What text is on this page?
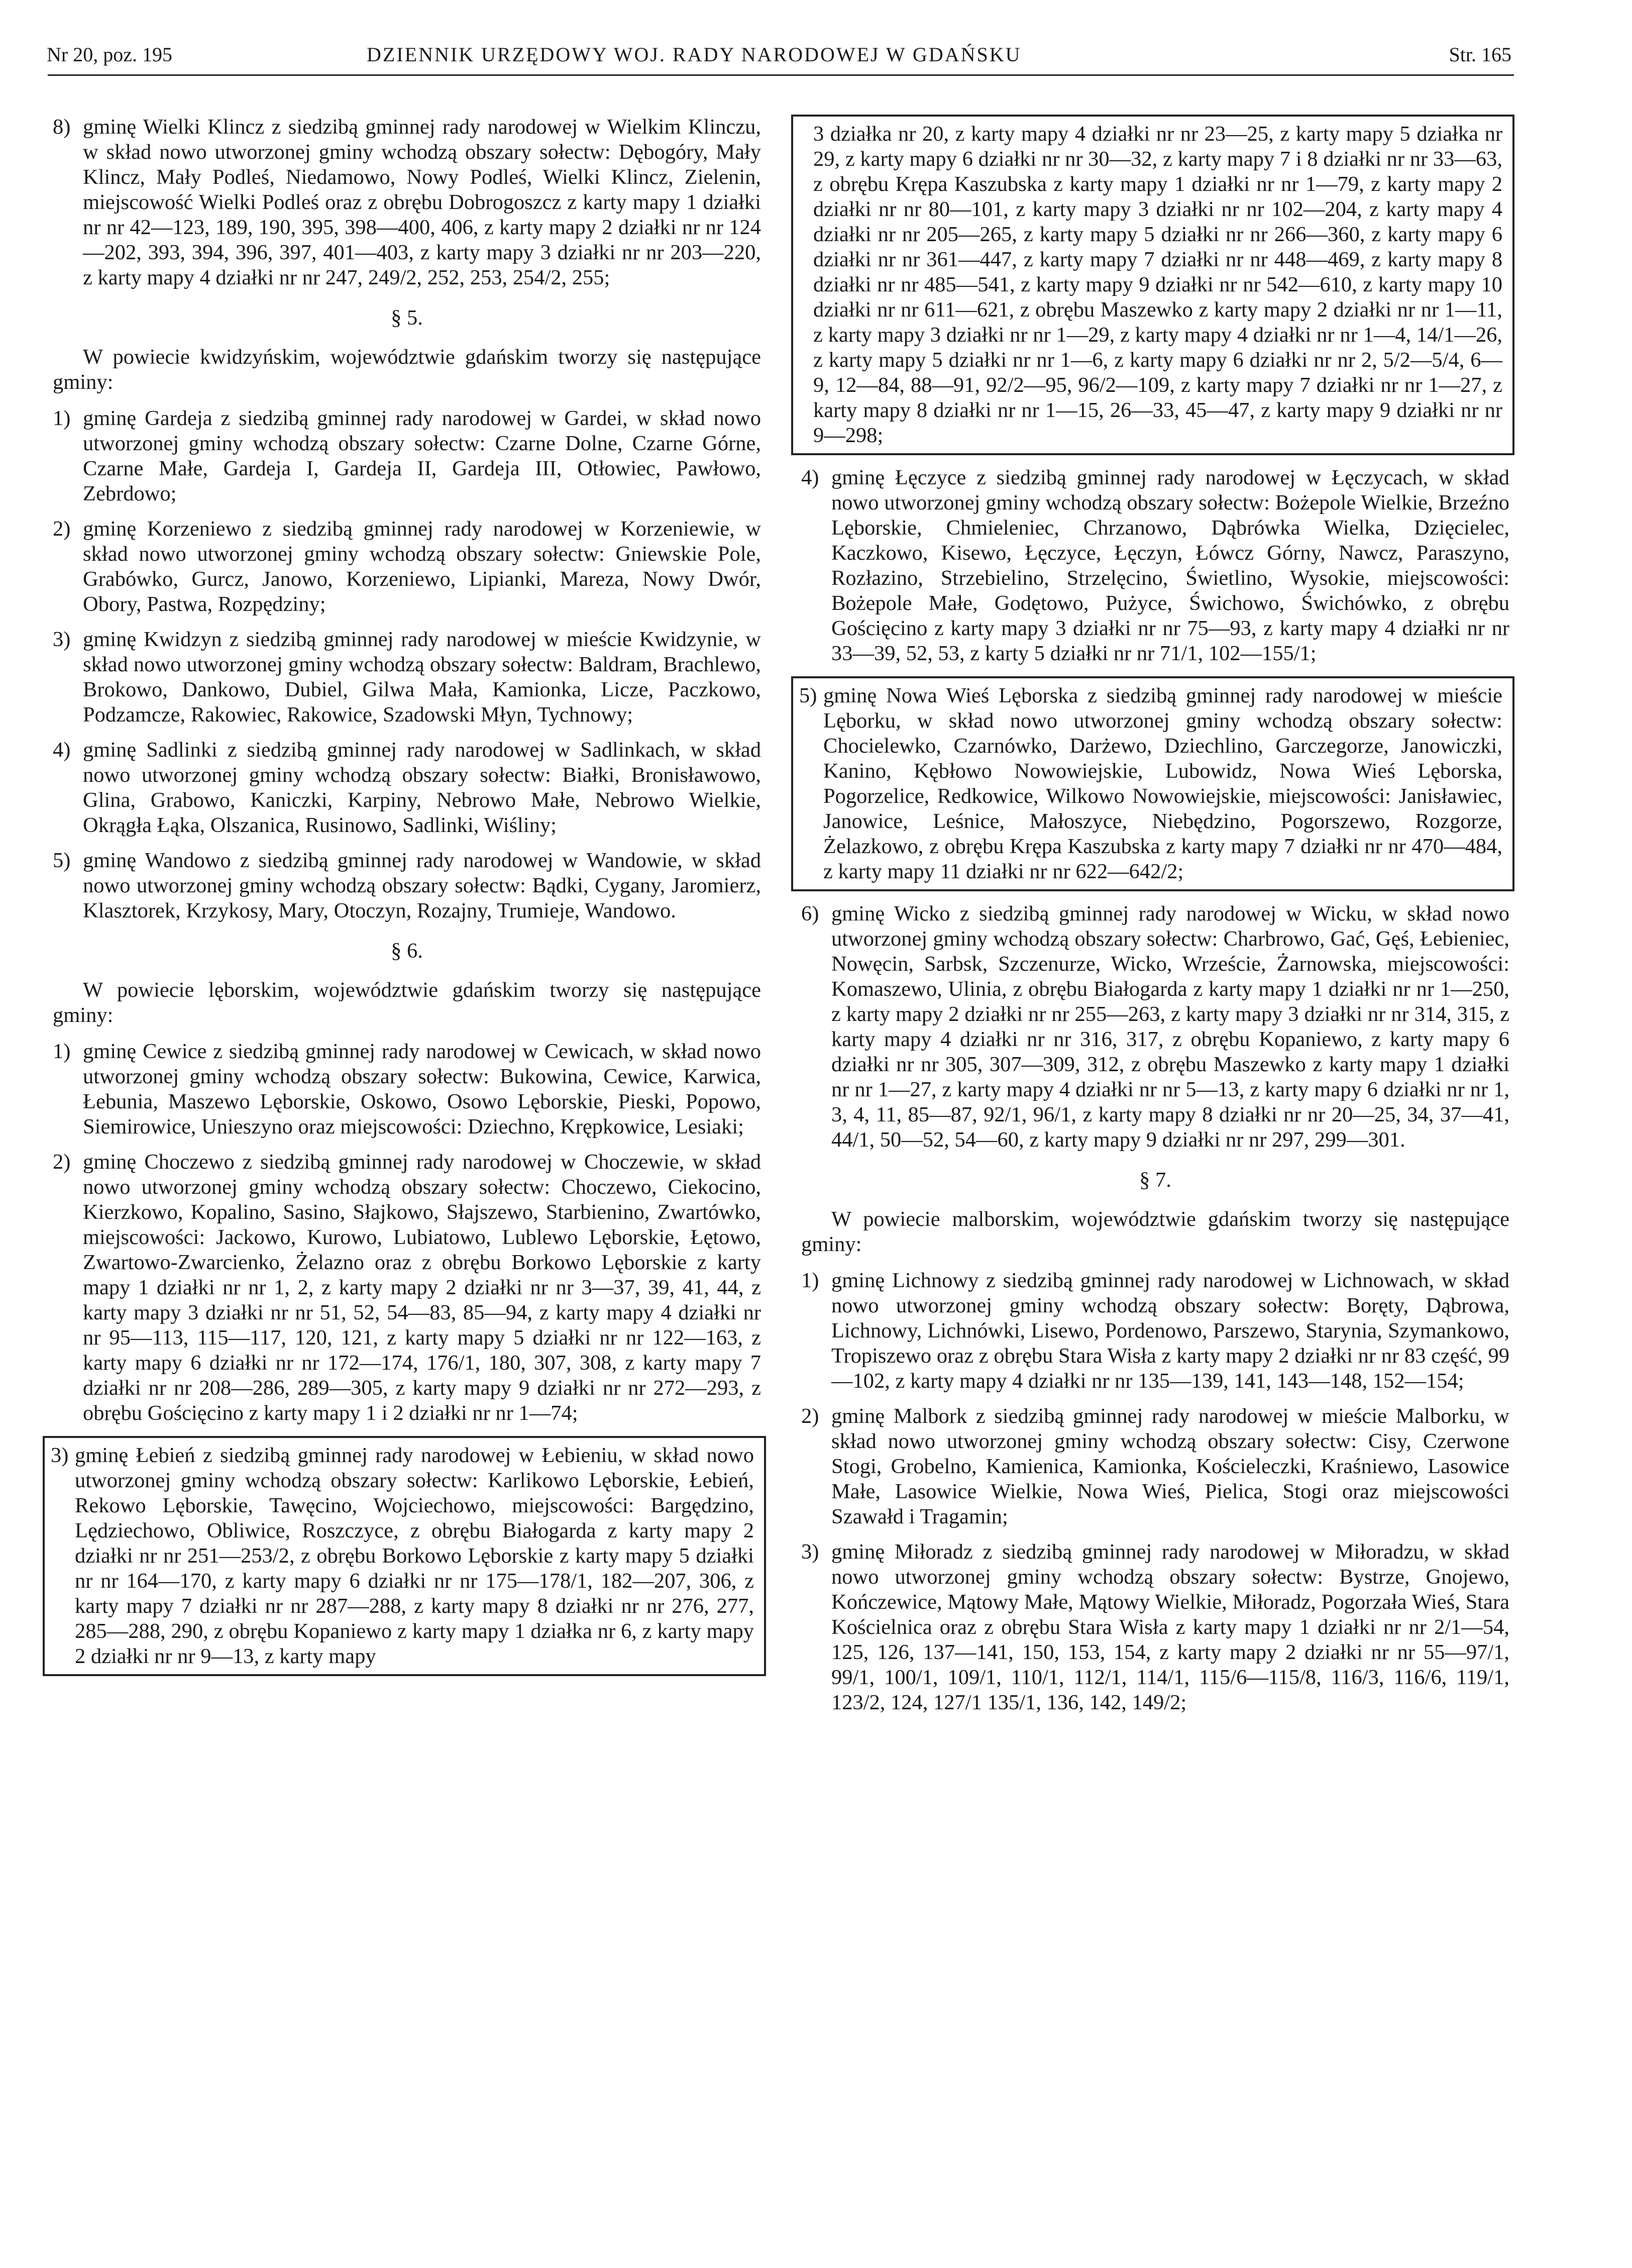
Nr 20, poz. 195	DZIENNIK URZĘDOWY WOJ. RADY NARODOWEJ W GDAŃSKU	Str. 165
8) gminę Wielki Klincz z siedzibą gminnej rady narodowej w Wielkim Klinczu, w skład nowo utworzonej gminy wchodzą obszary sołectw: Dębogóry, Mały Klincz, Mały Podleś, Niedamowo, Nowy Podleś, Wielki Klincz, Zielenin, miejscowość Wielki Podleś oraz z obrębu Dobrogoszcz z karty mapy 1 działki nr nr 42—123, 189, 190, 395, 398—400, 406, z karty mapy 2 działki nr nr 124—202, 393, 394, 396, 397, 401—403, z karty mapy 3 działki nr nr 203—220, z karty mapy 4 działki nr nr 247, 249/2, 252, 253, 254/2, 255;
§ 5.
W powiecie kwidzyńskim, województwie gdańskim tworzy się następujące gminy:
1) gminę Gardeja z siedzibą gminnej rady narodowej w Gardei, w skład nowo utworzonej gminy wchodzą obszary sołectw: Czarne Dolne, Czarne Górne, Czarne Małe, Gardeja I, Gardeja II, Gardeja III, Otłowiec, Pawłowo, Zebrdowo;
2) gminę Korzeniewo z siedzibą gminnej rady narodowej w Korzeniewie, w skład nowo utworzonej gminy wchodzą obszary sołectw: Gniewskie Pole, Grabówko, Gurcz, Janowo, Korzeniewo, Lipianki, Mareza, Nowy Dwór, Obory, Pastwa, Rozpędziny;
3) gminę Kwidzyn z siedzibą gminnej rady narodowej w mieście Kwidzynie, w skład nowo utworzonej gminy wchodzą obszary sołectw: Baldram, Brachlewo, Brokowo, Dankowo, Dubiel, Gilwa Mała, Kamionka, Licze, Paczkowo, Podzamcze, Rakowiec, Rakowice, Szadowski Młyn, Tychnowy;
4) gminę Sadlinki z siedzibą gminnej rady narodowej w Sadlinkach, w skład nowo utworzonej gminy wchodzą obszary sołectw: Białki, Bronisławowo, Glina, Grabowo, Kaniczki, Karpiny, Nebrowo Małe, Nebrowo Wielkie, Okrągła Łąka, Olszanica, Rusinowo, Sadlinki, Wiśliny;
5) gminę Wandowo z siedzibą gminnej rady narodowej w Wandowie, w skład nowo utworzonej gminy wchodzą obszary sołectw: Bądki, Cygany, Jaromierz, Klasztorek, Krzykosy, Mary, Otoczyn, Rozajny, Trumieje, Wandowo.
§ 6.
W powiecie lęborskim, województwie gdańskim tworzy się następujące gminy:
1) gminę Cewice z siedzibą gminnej rady narodowej w Cewicach, w skład nowo utworzonej gminy wchodzą obszary sołectw: Bukowina, Cewice, Karwica, Łebunia, Maszewo Lęborskie, Oskowo, Osowo Lęborskie, Pieski, Popowo, Siemirowice, Unieszyno oraz miejscowości: Dziechno, Krępkowice, Lesiaki;
2) gminę Choczewo z siedzibą gminnej rady narodowej w Choczewie, w skład nowo utworzonej gminy wchodzą obszary sołectw: Choczewo, Ciekocino, Kierzkowo, Kopalino, Sasino, Słajkowo, Słajszewo, Starbienino, Zwartówko, miejscowości: Jackowo, Kurowo, Lubiatowo, Lublewo Lęborskie, Łętowo, Zwartowo-Zwarcienko, Żelazno oraz z obrębu Borkowo Lęborskie z karty mapy 1 działki nr nr 1, 2, z karty mapy 2 działki nr nr 3—37, 39, 41, 44, z karty mapy 3 działki nr nr 51, 52, 54—83, 85—94, z karty mapy 4 działki nr nr 95—113, 115—117, 120, 121, z karty mapy 5 działki nr nr 122—163, z karty mapy 6 działki nr nr 172—174, 176/1, 180, 307, 308, z karty mapy 7 działki nr nr 208—286, 289—305, z karty mapy 9 działki nr nr 272—293, z obrębu Gościęcino z karty mapy 1 i 2 działki nr nr 1—74;
3) gminę Łebień z siedzibą gminnej rady narodowej w Łebieniu, w skład nowo utworzonej gminy wchodzą obszary sołectw: Karlikowo Lęborskie, Łebień, Rekowo Lęborskie, Tawęcino, Wojciechowo, miejscowości: Bargędzino, Lędziechowo, Obliwice, Roszczyce, z obrębu Białogarda z karty mapy 2 działki nr nr 251—253/2, z obrębu Borkowo Lęborskie z karty mapy 5 działki nr nr 164—170, z karty mapy 6 działki nr nr 175—178/1, 182—207, 306, z karty mapy 7 działki nr nr 287—288, z karty mapy 8 działki nr nr 276, 277, 285—288, 290, z obrębu Kopaniewo z karty mapy 1 działka nr 6, z karty mapy 2 działki nr nr 9—13, z karty mapy
3 działka nr 20, z karty mapy 4 działki nr nr 23—25, z karty mapy 5 działka nr 29, z karty mapy 6 działki nr nr 30—32, z karty mapy 7 i 8 działki nr nr 33—63, z obrębu Krępa Kaszubska z karty mapy 1 działki nr nr 1—79, z karty mapy 2 działki nr nr 80—101, z karty mapy 3 działki nr nr 102—204, z karty mapy 4 działki nr nr 205—265, z karty mapy 5 działki nr nr 266—360, z karty mapy 6 działki nr nr 361—447, z karty mapy 7 działki nr nr 448—469, z karty mapy 8 działki nr nr 485—541, z karty mapy 9 działki nr nr 542—610, z karty mapy 10 działki nr nr 611—621, z obrębu Maszewko z karty mapy 2 działki nr nr 1—11, z karty mapy 3 działki nr nr 1—29, z karty mapy 4 działki nr nr 1—4, 14/1—26, z karty mapy 5 działki nr nr 1—6, z karty mapy 6 działki nr nr 2, 5/2—5/4, 6—9, 12—84, 88—91, 92/2—95, 96/2—109, z karty mapy 7 działki nr nr 1—27, z karty mapy 8 działki nr nr 1—15, 26—33, 45—47, z karty mapy 9 działki nr nr 9—298;
4) gminę Łęczyce z siedzibą gminnej rady narodowej w Łęczycach, w skład nowo utworzonej gminy wchodzą obszary sołectw: Bożepole Wielkie, Brzeźno Lęborskie, Chmieleniec, Chrzanowo, Dąbrówka Wielka, Dzięcielec, Kaczkowo, Kisewo, Łęczyce, Łęczyn, Łówcz Górny, Nawcz, Paraszyno, Rozłazino, Strzebielino, Strzelęcino, Świetlino, Wysokie, miejscowości: Bożepole Małe, Godętowo, Pużyce, Świchowo, Świchówko, z obrębu Gościęcino z karty mapy 3 działki nr nr 75—93, z karty mapy 4 działki nr nr 33—39, 52, 53, z karty 5 działki nr nr 71/1, 102—155/1;
5) gminę Nowa Wieś Lęborska z siedzibą gminnej rady narodowej w mieście Lęborku, w skład nowo utworzonej gminy wchodzą obszary sołectw: Chocielewko, Czarnówko, Darżewo, Dziechlino, Garczegorze, Janowiczki, Kanino, Kębłowo Nowowiejskie, Lubowidz, Nowa Wieś Lęborska, Pogorzelice, Redkowice, Wilkowo Nowowiejskie, miejscowości: Janisławiec, Janowice, Leśnice, Małoszyce, Niebędzino, Pogorszewo, Rozgorze, Żelazkowo, z obrębu Krępa Kaszubska z karty mapy 7 działki nr nr 470—484, z karty mapy 11 działki nr nr 622—642/2;
6) gminę Wicko z siedzibą gminnej rady narodowej w Wicku, w skład nowo utworzonej gminy wchodzą obszary sołectw: Charbrowo, Gać, Gęś, Łebieniec, Nowęcin, Sarbsk, Szczenurze, Wicko, Wrzeście, Żarnowska, miejscowości: Komaszewo, Ulinia, z obrębu Białogarda z karty mapy 1 działki nr nr 1—250, z karty mapy 2 działki nr nr 255—263, z karty mapy 3 działki nr nr 314, 315, z karty mapy 4 działki nr nr 316, 317, z obrębu Kopaniewo, z karty mapy 6 działki nr nr 305, 307—309, 312, z obrębu Maszewko z karty mapy 1 działki nr nr 1—27, z karty mapy 4 działki nr nr 5—13, z karty mapy 6 działki nr nr 1, 3, 4, 11, 85—87, 92/1, 96/1, z karty mapy 8 działki nr nr 20—25, 34, 37—41, 44/1, 50—52, 54—60, z karty mapy 9 działki nr nr 297, 299—301.
§ 7.
W powiecie malborskim, województwie gdańskim tworzy się następujące gminy:
1) gminę Lichnowy z siedzibą gminnej rady narodowej w Lichnowach, w skład nowo utworzonej gminy wchodzą obszary sołectw: Boręty, Dąbrowa, Lichnowy, Lichnówki, Lisewo, Pordenowo, Parszewo, Starynia, Szymankowo, Tropiszewo oraz z obrębu Stara Wisła z karty mapy 2 działki nr nr 83 część, 99—102, z karty mapy 4 działki nr nr 135—139, 141, 143—148, 152—154;
2) gminę Malbork z siedzibą gminnej rady narodowej w mieście Malborku, w skład nowo utworzonej gminy wchodzą obszary sołectw: Cisy, Czerwone Stogi, Grobelno, Kamienica, Kamionka, Kościeleczki, Kraśniewo, Lasowice Małe, Lasowice Wielkie, Nowa Wieś, Pielica, Stogi oraz miejscowości Szawałd i Tragamin;
3) gminę Miłoradz z siedzibą gminnej rady narodowej w Miłoradzu, w skład nowo utworzonej gminy wchodzą obszary sołectw: Bystrze, Gnojewo, Kończewice, Mątowy Małe, Mątowy Wielkie, Miłoradz, Pogorzała Wieś, Stara Kościelnica oraz z obrębu Stara Wisła z karty mapy 1 działki nr nr 2/1—54, 125, 126, 137—141, 150, 153, 154, z karty mapy 2 działki nr nr 55—97/1, 99/1, 100/1, 109/1, 110/1, 112/1, 114/1, 115/6—115/8, 116/3, 116/6, 119/1, 123/2, 124, 127/1 135/1, 136, 142, 149/2;
